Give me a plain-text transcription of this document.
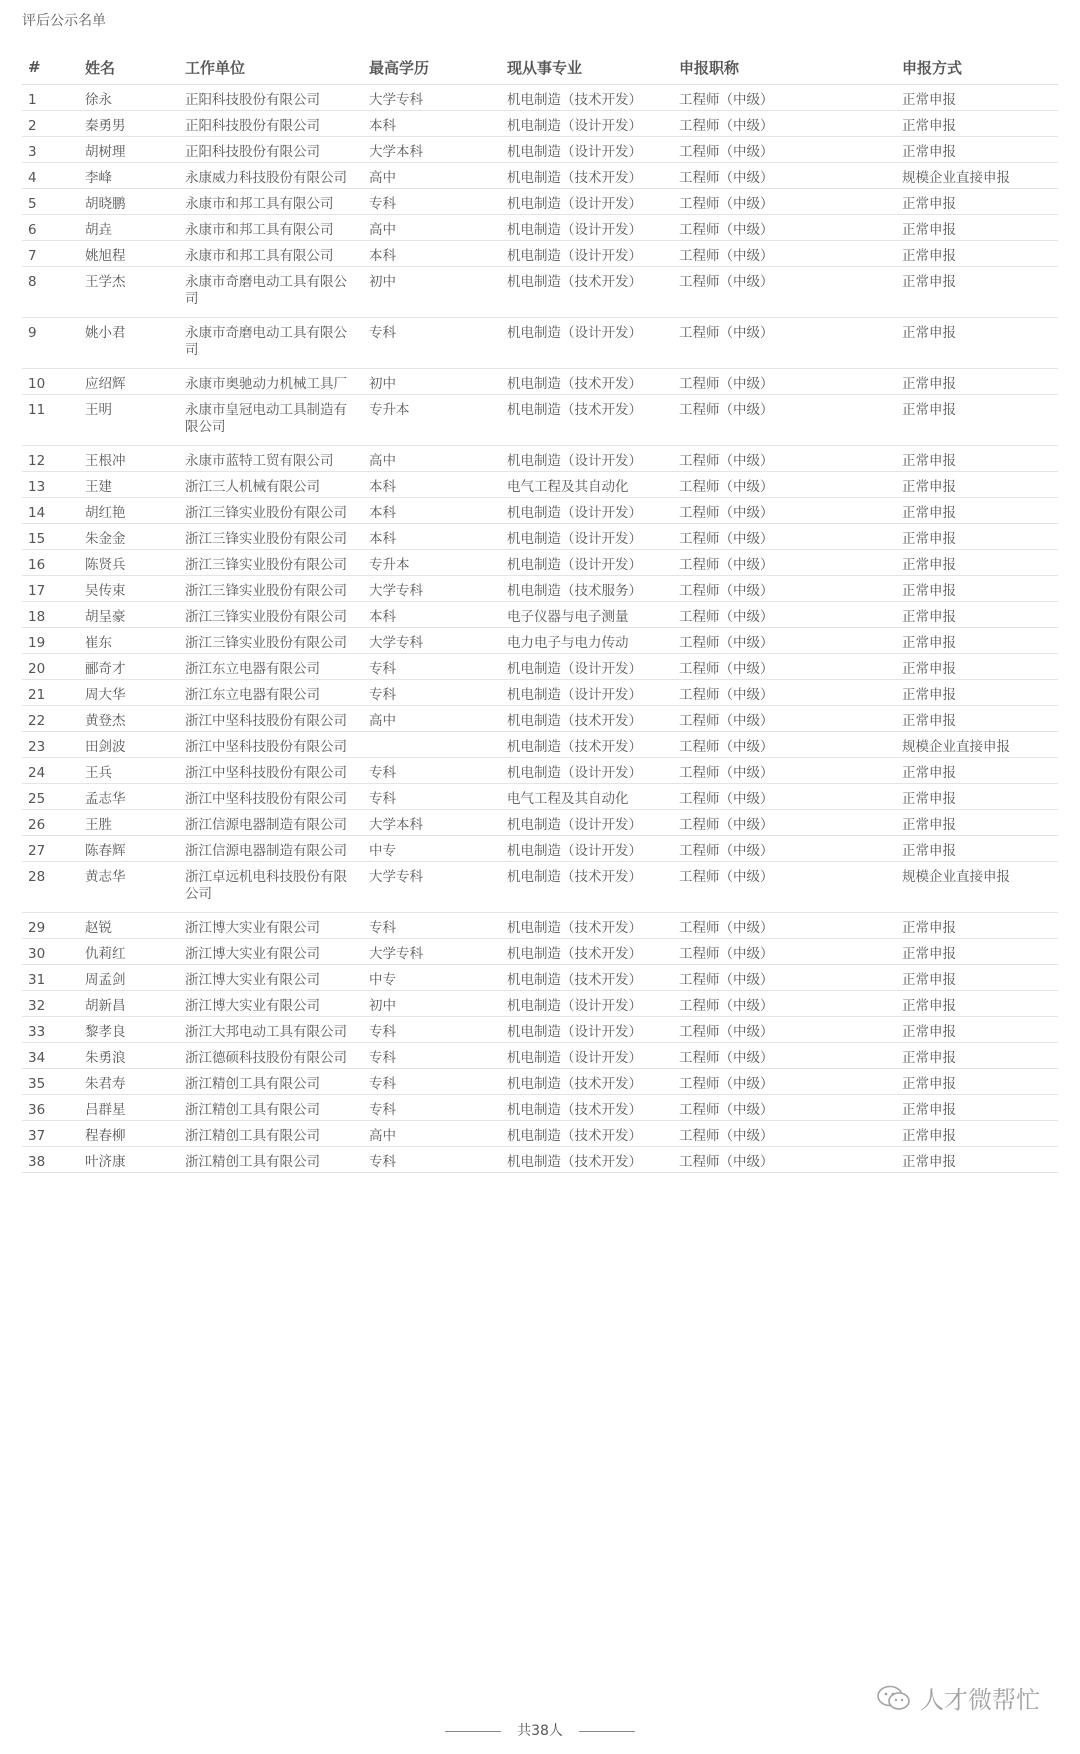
评后公示名单
#	姓名	工作单位	最高学历	现从事专业	申报职称	申报方式
1	徐永	正阳科技股份有限公司	大学专科	机电制造（技术开发）	工程师（中级）	正常申报
2	秦勇男	正阳科技股份有限公司	本科	机电制造（设计开发）	工程师（中级）	正常申报
3	胡树理	正阳科技股份有限公司	大学本科	机电制造（设计开发）	工程师（中级）	正常申报
4	李峰	永康威力科技股份有限公司	高中	机电制造（技术开发）	工程师（中级）	规模企业直接申报
5	胡晓鹏	永康市和邦工具有限公司	专科	机电制造（设计开发）	工程师（中级）	正常申报
6	胡垚	永康市和邦工具有限公司	高中	机电制造（设计开发）	工程师（中级）	正常申报
7	姚旭程	永康市和邦工具有限公司	本科	机电制造（设计开发）	工程师（中级）	正常申报
8	王学杰	永康市奇磨电动工具有限公司	初中	机电制造（技术开发）	工程师（中级）	正常申报
9	姚小君	永康市奇磨电动工具有限公司	专科	机电制造（设计开发）	工程师（中级）	正常申报
10	应绍辉	永康市奥驰动力机械工具厂	初中	机电制造（技术开发）	工程师（中级）	正常申报
11	王明	永康市皇冠电动工具制造有限公司	专升本	机电制造（技术开发）	工程师（中级）	正常申报
12	王根冲	永康市蓝特工贸有限公司	高中	机电制造（设计开发）	工程师（中级）	正常申报
13	王建	浙江三人机械有限公司	本科	电气工程及其自动化	工程师（中级）	正常申报
14	胡红艳	浙江三锋实业股份有限公司	本科	机电制造（设计开发）	工程师（中级）	正常申报
15	朱金金	浙江三锋实业股份有限公司	本科	机电制造（设计开发）	工程师（中级）	正常申报
16	陈贤兵	浙江三锋实业股份有限公司	专升本	机电制造（设计开发）	工程师（中级）	正常申报
17	吴传束	浙江三锋实业股份有限公司	大学专科	机电制造（技术服务）	工程师（中级）	正常申报
18	胡呈豪	浙江三锋实业股份有限公司	本科	电子仪器与电子测量	工程师（中级）	正常申报
19	崔东	浙江三锋实业股份有限公司	大学专科	电力电子与电力传动	工程师（中级）	正常申报
20	郦奇才	浙江东立电器有限公司	专科	机电制造（设计开发）	工程师（中级）	正常申报
21	周大华	浙江东立电器有限公司	专科	机电制造（设计开发）	工程师（中级）	正常申报
22	黄登杰	浙江中坚科技股份有限公司	高中	机电制造（技术开发）	工程师（中级）	正常申报
23	田剑波	浙江中坚科技股份有限公司		机电制造（技术开发）	工程师（中级）	规模企业直接申报
24	王兵	浙江中坚科技股份有限公司	专科	机电制造（设计开发）	工程师（中级）	正常申报
25	孟志华	浙江中坚科技股份有限公司	专科	电气工程及其自动化	工程师（中级）	正常申报
26	王胜	浙江信源电器制造有限公司	大学本科	机电制造（设计开发）	工程师（中级）	正常申报
27	陈春辉	浙江信源电器制造有限公司	中专	机电制造（设计开发）	工程师（中级）	正常申报
28	黄志华	浙江卓远机电科技股份有限公司	大学专科	机电制造（技术开发）	工程师（中级）	规模企业直接申报
29	赵锐	浙江博大实业有限公司	专科	机电制造（技术开发）	工程师（中级）	正常申报
30	仇莉红	浙江博大实业有限公司	大学专科	机电制造（技术开发）	工程师（中级）	正常申报
31	周孟剑	浙江博大实业有限公司	中专	机电制造（技术开发）	工程师（中级）	正常申报
32	胡新昌	浙江博大实业有限公司	初中	机电制造（设计开发）	工程师（中级）	正常申报
33	黎孝良	浙江大邦电动工具有限公司	专科	机电制造（设计开发）	工程师（中级）	正常申报
34	朱勇浪	浙江德硕科技股份有限公司	专科	机电制造（设计开发）	工程师（中级）	正常申报
35	朱君寿	浙江精创工具有限公司	专科	机电制造（技术开发）	工程师（中级）	正常申报
36	吕群星	浙江精创工具有限公司	专科	机电制造（技术开发）	工程师（中级）	正常申报
37	程春柳	浙江精创工具有限公司	高中	机电制造（技术开发）	工程师（中级）	正常申报
38	叶济康	浙江精创工具有限公司	专科	机电制造（技术开发）	工程师（中级）	正常申报
人才微帮忙
共38人
